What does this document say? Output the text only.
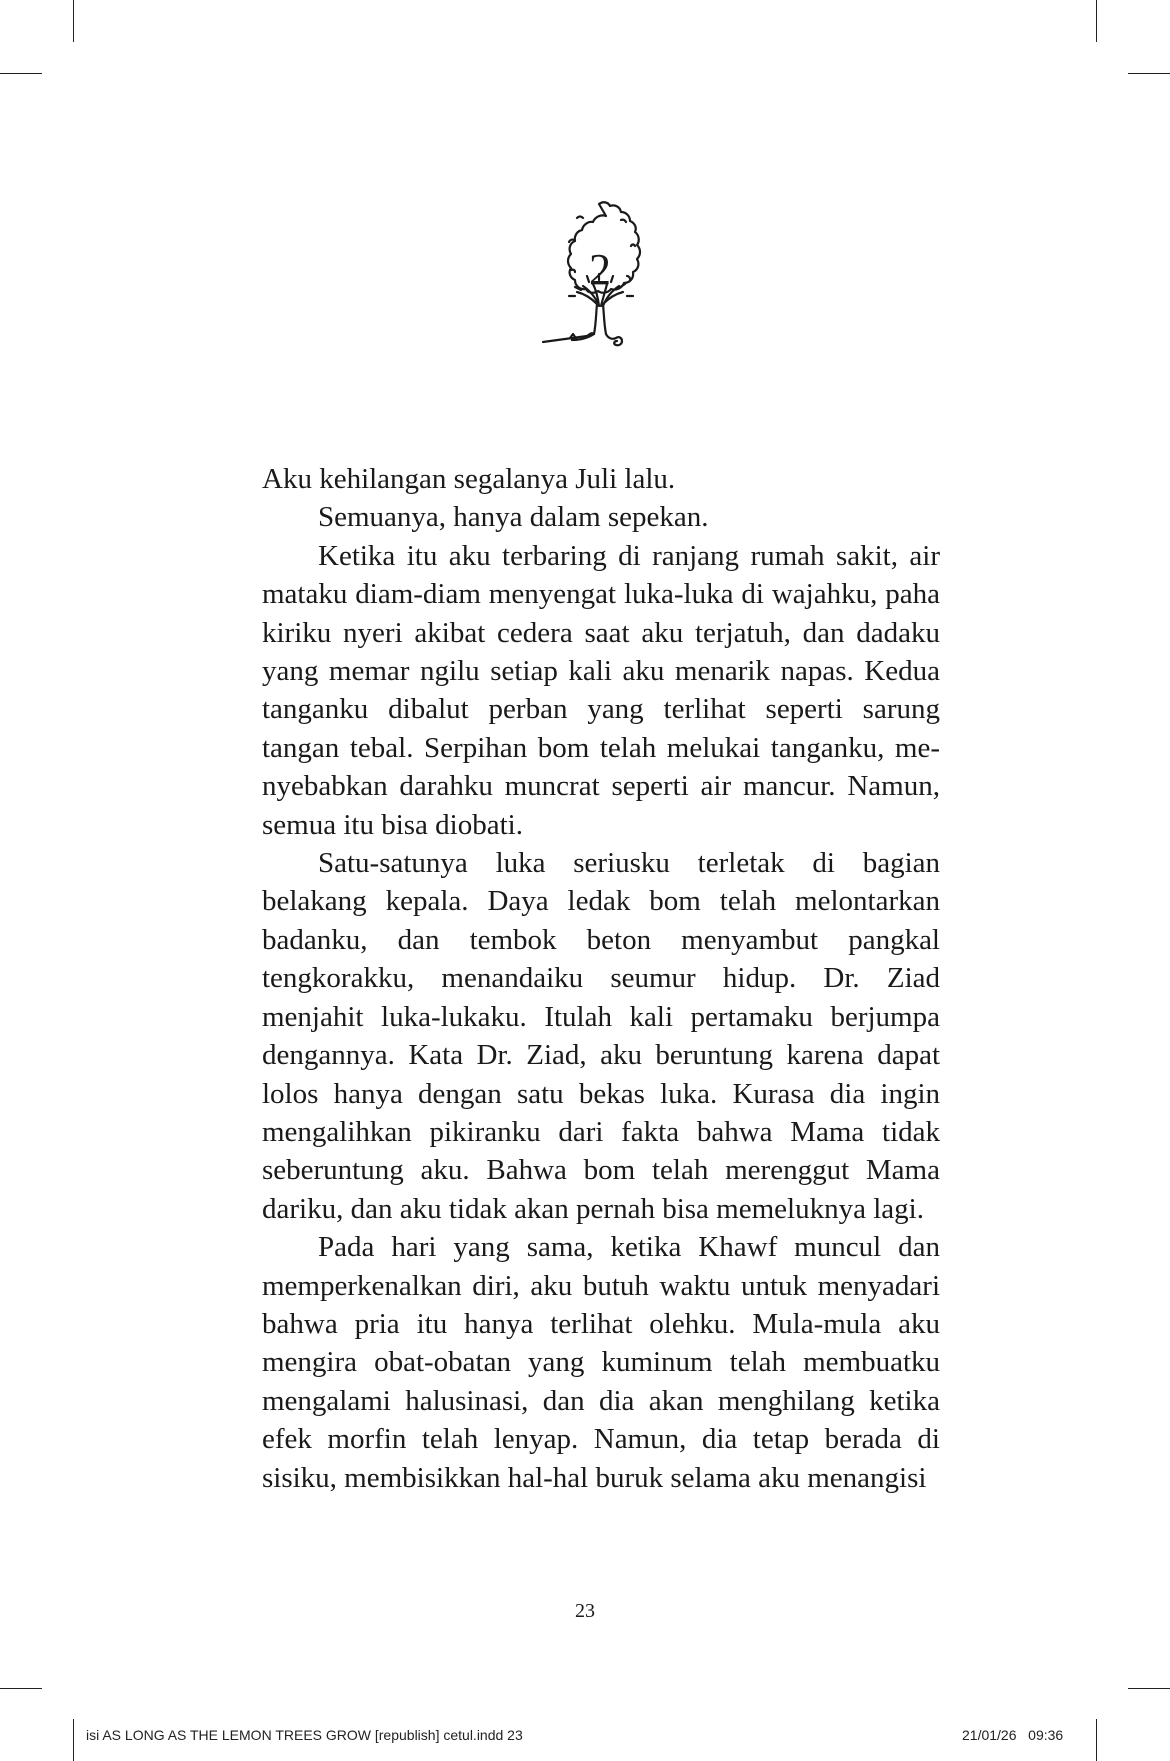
2

Aku kehilangan segalanya Juli lalu.

Semuanya, hanya dalam sepekan.

Ketika itu aku terbaring di ranjang rumah sakit, air mataku diam-diam menyengat luka-luka di wajahku, paha kiriku nyeri akibat cedera saat aku terjatuh, dan dadaku yang memar ngilu setiap kali aku menarik napas. Kedua tanganku dibalut perban yang terlihat seperti sarung tangan tebal. Serpihan bom telah melukai tanganku, menyebabkan darahku muncrat seperti air mancur. Namun, semua itu bisa diobati.

Satu-satunya luka seriusku terletak di bagian belakang kepala. Daya ledak bom telah melontarkan badanku, dan tembok beton menyambut pangkal tengkorakku, menandaiku seumur hidup. Dr. Ziad menjahit luka-lukaku. Itulah kali pertamaku berjumpa dengannya. Kata Dr. Ziad, aku beruntung karena dapat lolos hanya dengan satu bekas luka. Kurasa dia ingin mengalihkan pikiranku dari fakta bahwa Mama tidak seberuntung aku. Bahwa bom telah merenggut Mama dariku, dan aku tidak akan pernah bisa memeluknya lagi.

Pada hari yang sama, ketika Khawf muncul dan memperkenalkan diri, aku butuh waktu untuk menyadari bahwa pria itu hanya terlihat olehku. Mula-mula aku mengira obat-obatan yang kuminum telah membuatku mengalami halusinasi, dan dia akan menghilang ketika efek morfin telah lenyap. Namun, dia tetap berada di sisiku, membisikkan hal-hal buruk selama aku menangisi

23
isi AS LONG AS THE LEMON TREES GROW [republish] cetul.indd 23	21/01/26 09:36
